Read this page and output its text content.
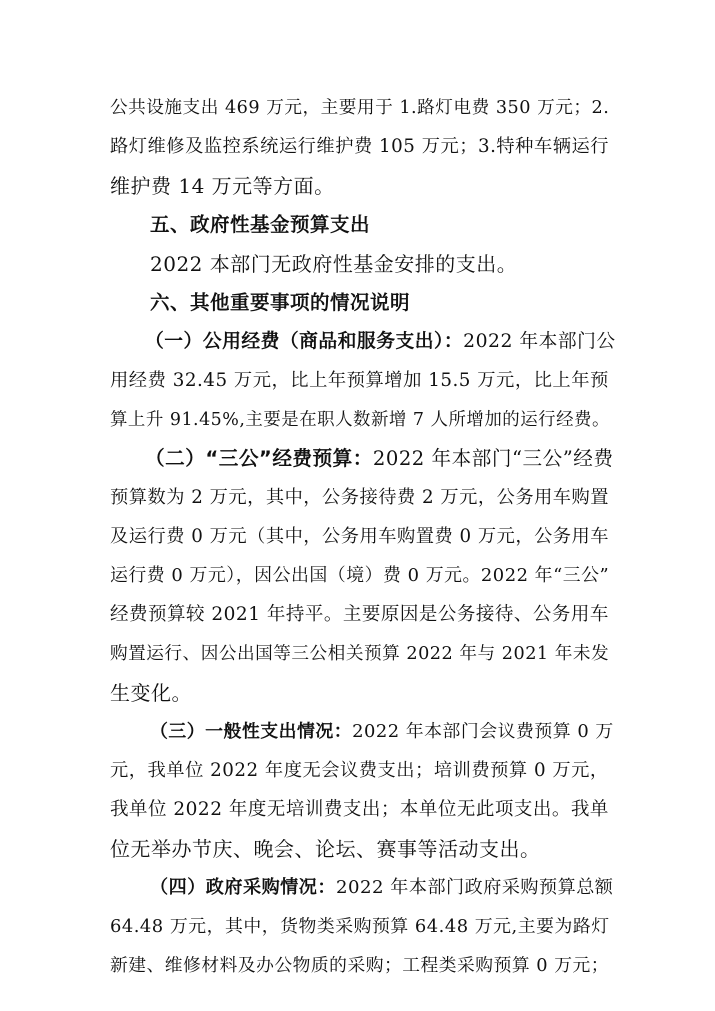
公共设施支出 469 万元，主要用于 1.路灯电费 350 万元；2.
路灯维修及监控系统运行维护费 105 万元；3.特种车辆运行
维护费 14 万元等方面。
五、政府性基金预算支出
2022 本部门无政府性基金安排的支出。
六、其他重要事项的情况说明
（一）公用经费（商品和服务支出）：2022 年本部门公
用经费 32.45 万元，比上年预算增加 15.5 万元，比上年预
算上升 91.45%,主要是在职人数新增 7 人所增加的运行经费。
（二）“三公”经费预算：2022 年本部门“三公”经费
预算数为 2 万元，其中，公务接待费 2 万元，公务用车购置
及运行费 0 万元（其中，公务用车购置费 0 万元，公务用车
运行费 0 万元），因公出国（境）费 0 万元。2022 年“三公”
经费预算较 2021 年持平。主要原因是公务接待、公务用车
购置运行、因公出国等三公相关预算 2022 年与 2021 年未发
生变化。
（三）一般性支出情况：2022 年本部门会议费预算 0 万
元，我单位 2022 年度无会议费支出；培训费预算 0 万元，
我单位 2022 年度无培训费支出；本单位无此项支出。我单
位无举办节庆、晚会、论坛、赛事等活动支出。
（四）政府采购情况：2022 年本部门政府采购预算总额
64.48 万元，其中，货物类采购预算 64.48 万元,主要为路灯
新建、维修材料及办公物质的采购；工程类采购预算 0 万元；
